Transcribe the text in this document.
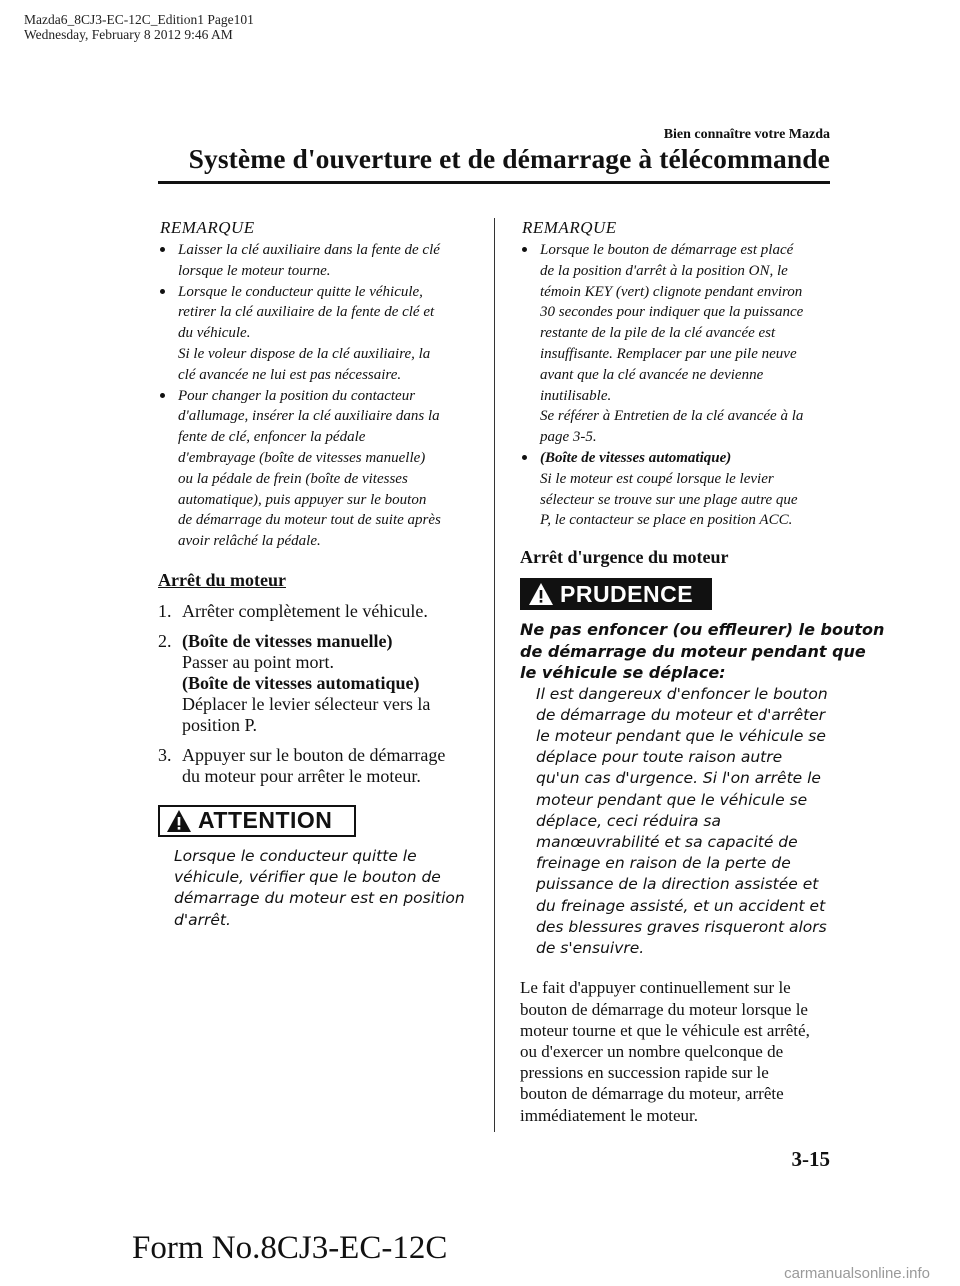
Mazda6_8CJ3-EC-12C_Edition1 Page101
Wednesday, February 8 2012 9:46 AM
Bien connaître votre Mazda
Système d'ouverture et de démarrage à télécommande
REMARQUE
Laisser la clé auxiliaire dans la fente de clé
lorsque le moteur tourne.
Lorsque le conducteur quitte le véhicule,
retirer la clé auxiliaire de la fente de clé et
du véhicule.
Si le voleur dispose de la clé auxiliaire, la
clé avancée ne lui est pas nécessaire.
Pour changer la position du contacteur
d'allumage, insérer la clé auxiliaire dans la
fente de clé, enfoncer la pédale
d'embrayage (boîte de vitesses manuelle)
ou la pédale de frein (boîte de vitesses
automatique), puis appuyer sur le bouton
de démarrage du moteur tout de suite après
avoir relâché la pédale.
Arrêt du moteur
1. Arrêter complètement le véhicule.
2. (Boîte de vitesses manuelle)
Passer au point mort.
(Boîte de vitesses automatique)
Déplacer le levier sélecteur vers la
position P.
3. Appuyer sur le bouton de démarrage
du moteur pour arrêter le moteur.
ATTENTION
Lorsque le conducteur quitte le
véhicule, vérifier que le bouton de
démarrage du moteur est en position
d'arrêt.
REMARQUE
Lorsque le bouton de démarrage est placé
de la position d'arrêt à la position ON, le
témoin KEY (vert) clignote pendant environ
30 secondes pour indiquer que la puissance
restante de la pile de la clé avancée est
insuffisante. Remplacer par une pile neuve
avant que la clé avancée ne devienne
inutilisable.
Se référer à Entretien de la clé avancée à la
page 3-5.
(Boîte de vitesses automatique)
Si le moteur est coupé lorsque le levier
sélecteur se trouve sur une plage autre que
P, le contacteur se place en position ACC.
Arrêt d'urgence du moteur
PRUDENCE
Ne pas enfoncer (ou effleurer) le bouton
de démarrage du moteur pendant que
le véhicule se déplace:
Il est dangereux d'enfoncer le bouton
de démarrage du moteur et d'arrêter
le moteur pendant que le véhicule se
déplace pour toute raison autre
qu'un cas d'urgence. Si l'on arrête le
moteur pendant que le véhicule se
déplace, ceci réduira sa
manœuvrabilité et sa capacité de
freinage en raison de la perte de
puissance de la direction assistée et
du freinage assisté, et un accident et
des blessures graves risqueront alors
de s'ensuivre.
Le fait d'appuyer continuellement sur le
bouton de démarrage du moteur lorsque le
moteur tourne et que le véhicule est arrêté,
ou d'exercer un nombre quelconque de
pressions en succession rapide sur le
bouton de démarrage du moteur, arrête
immédiatement le moteur.
3-15
Form No.8CJ3-EC-12C
carmanualsonline.info
